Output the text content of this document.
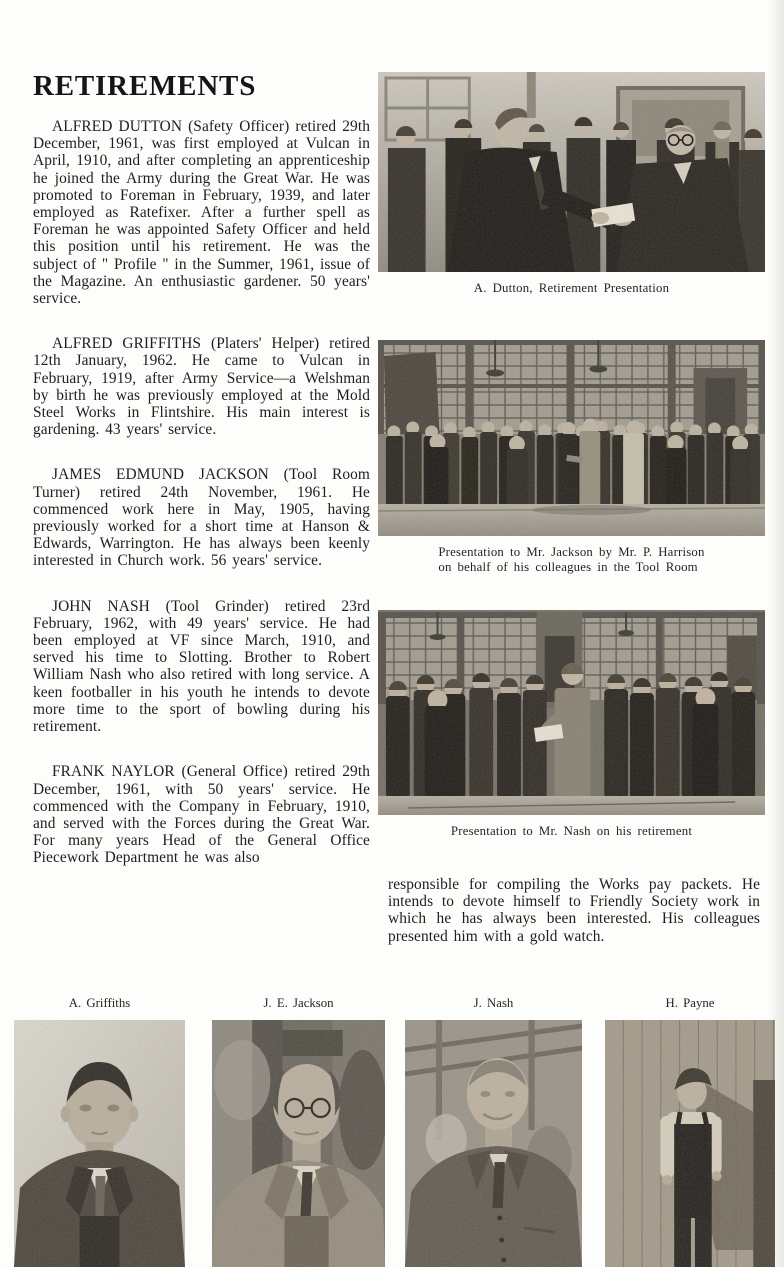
RETIREMENTS

ALFRED DUTTON (Safety Officer) retired 29th December, 1961, was first employed at Vulcan in April, 1910, and after completing an apprenticeship he joined the Army during the Great War. He was promoted to Foreman in February, 1939, and later employed as Ratefixer. After a further spell as Foreman he was appointed Safety Officer and held this position until his retirement. He was the subject of " Profile " in the Summer, 1961, issue of the Magazine. An enthusiastic gardener. 50 years' service.

ALFRED GRIFFITHS (Platers' Helper) retired 12th January, 1962. He came to Vulcan in February, 1919, after Army Service—a Welshman by birth he was previously employed at the Mold Steel Works in Flintshire. His main interest is gardening. 43 years' service.

JAMES EDMUND JACKSON (Tool Room Turner) retired 24th November, 1961. He commenced work here in May, 1905, having previously worked for a short time at Hanson & Edwards, Warrington. He has always been keenly interested in Church work. 56 years' service.

JOHN NASH (Tool Grinder) retired 23rd February, 1962, with 49 years' service. He had been employed at VF since March, 1910, and served his time to Slotting. Brother to Robert William Nash who also retired with long service. A keen footballer in his youth he intends to devote more time to the sport of bowling during his retirement.

FRANK NAYLOR (General Office) retired 29th December, 1961, with 50 years' service. He commenced with the Company in February, 1910, and served with the Forces during the Great War. For many years Head of the General Office Piecework Department he was also

A. Dutton, Retirement Presentation
Presentation to Mr. Jackson by Mr. P. Harrison
on behalf of his colleagues in the Tool Room
Presentation to Mr. Nash on his retirement

responsible for compiling the Works pay packets. He intends to devote himself to Friendly Society work in which he has always been interested. His colleagues presented him with a gold watch.

A. Griffiths	J. E. Jackson	J. Nash	H. Payne
